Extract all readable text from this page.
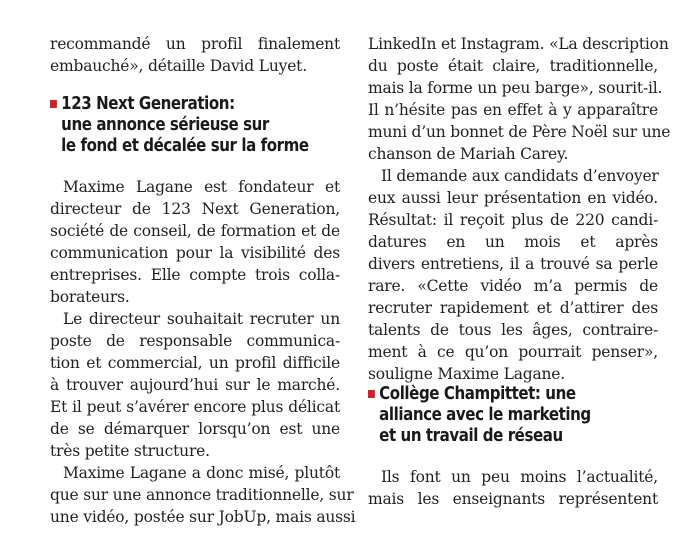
recommandé un profil finalement
embauché», détaille David Luyet.
123 Next Generation:
une annonce sérieuse sur
le fond et décalée sur la forme
Maxime Lagane est fondateur et
directeur de 123 Next Generation,
société de conseil, de formation et de
communication pour la visibilité des
entreprises. Elle compte trois colla-
borateurs.
Le directeur souhaitait recruter un
poste de responsable communica-
tion et commercial, un profil difficile
à trouver aujourd’hui sur le marché.
Et il peut s’avérer encore plus délicat
de se démarquer lorsqu’on est une
très petite structure.
Maxime Lagane a donc misé, plutôt
que sur une annonce traditionnelle, sur
une vidéo, postée sur JobUp, mais aussi
LinkedIn et Instagram. «La description
du poste était claire, traditionnelle,
mais la forme un peu barge», sourit-il.
Il n’hésite pas en effet à y apparaître
muni d’un bonnet de Père Noël sur une
chanson de Mariah Carey.
Il demande aux candidats d’envoyer
eux aussi leur présentation en vidéo.
Résultat: il reçoit plus de 220 candi-
datures en un mois et après
divers entretiens, il a trouvé sa perle
rare. «Cette vidéo m’a permis de
recruter rapidement et d’attirer des
talents de tous les âges, contraire-
ment à ce qu’on pourrait penser»,
souligne Maxime Lagane.
Collège Champittet: une
alliance avec le marketing
et un travail de réseau
Ils font un peu moins l’actualité,
mais les enseignants représentent
